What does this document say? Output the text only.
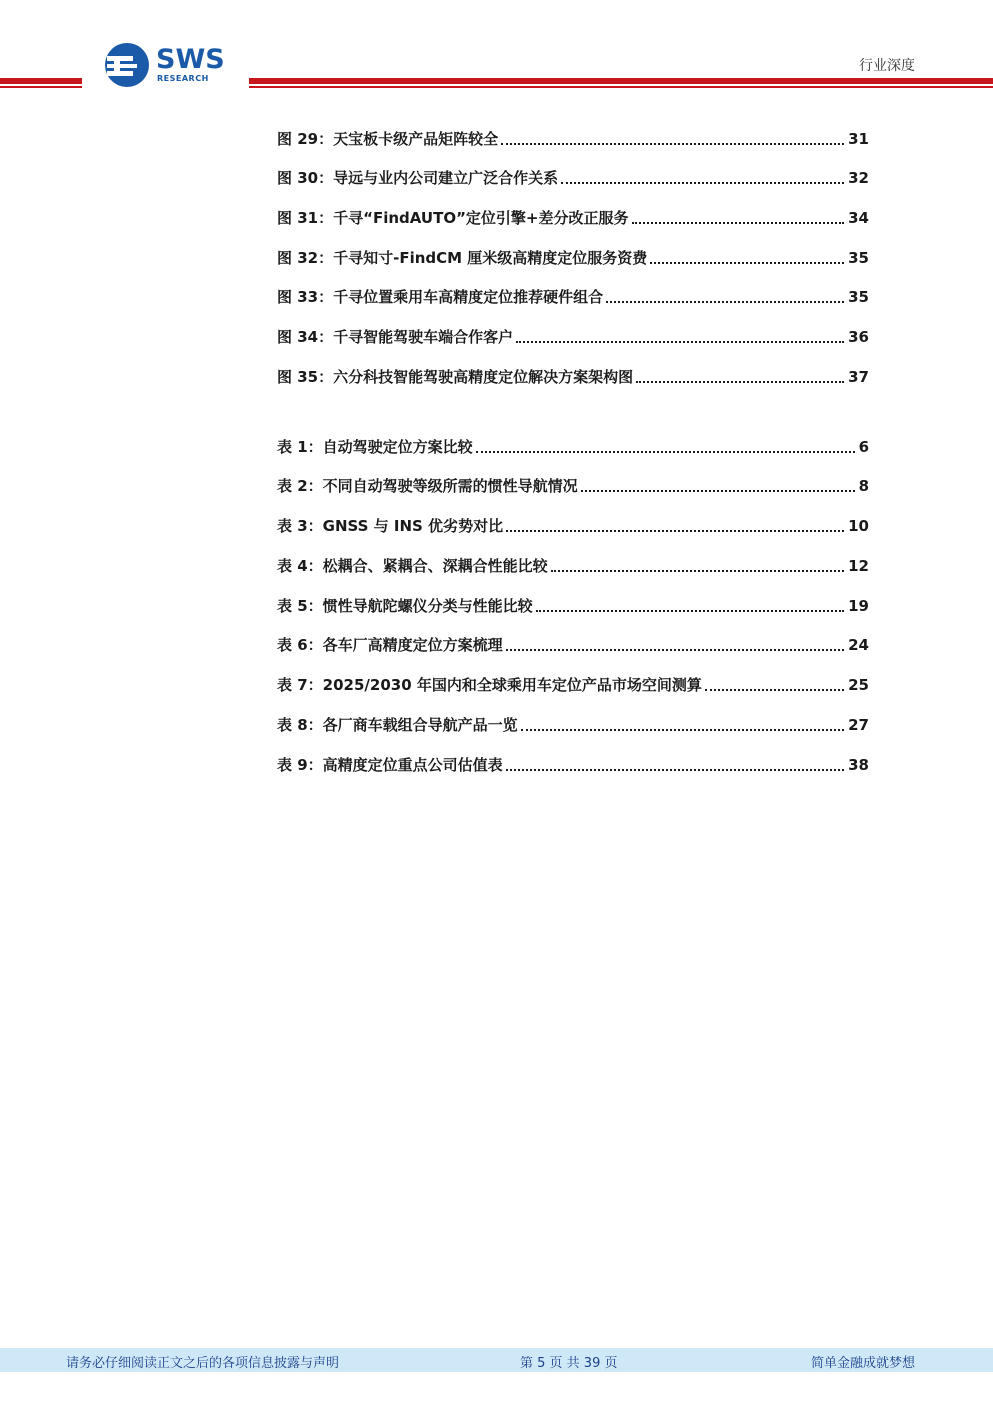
SWS
RESEARCH
行业深度
图 29：天宝板卡级产品矩阵较全	31
图 30：导远与业内公司建立广泛合作关系	32
图 31：千寻“FindAUTO”定位引擎+差分改正服务	34
图 32：千寻知寸-FindCM 厘米级高精度定位服务资费	35
图 33：千寻位置乘用车高精度定位推荐硬件组合	35
图 34：千寻智能驾驶车端合作客户	36
图 35：六分科技智能驾驶高精度定位解决方案架构图	37
表 1：自动驾驶定位方案比较	6
表 2：不同自动驾驶等级所需的惯性导航情况	8
表 3：GNSS 与 INS 优劣势对比	10
表 4：松耦合、紧耦合、深耦合性能比较	12
表 5：惯性导航陀螺仪分类与性能比较	19
表 6：各车厂高精度定位方案梳理	24
表 7：2025/2030 年国内和全球乘用车定位产品市场空间测算	25
表 8：各厂商车载组合导航产品一览	27
表 9：高精度定位重点公司估值表	38
请务必仔细阅读正文之后的各项信息披露与声明	第 5 页 共 39 页	简单金融成就梦想
